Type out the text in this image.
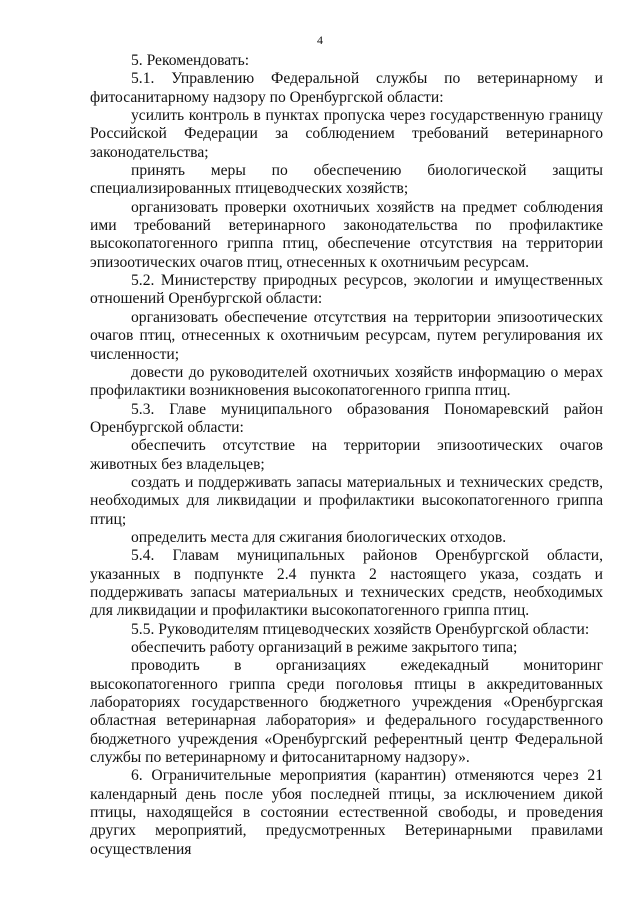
4

5. Рекомендовать:

5.1. Управлению Федеральной службы по ветеринарному и фитосанитарному надзору по Оренбургской области:

усилить контроль в пунктах пропуска через государственную границу Российской Федерации за соблюдением требований ветеринарного законодательства;

принять меры по обеспечению биологической защиты специализированных птицеводческих хозяйств;

организовать проверки охотничьих хозяйств на предмет соблюдения ими требований ветеринарного законодательства по профилактике высокопатогенного гриппа птиц, обеспечение отсутствия на территории эпизоотических очагов птиц, отнесенных к охотничьим ресурсам.

5.2. Министерству природных ресурсов, экологии и имущественных отношений Оренбургской области:

организовать обеспечение отсутствия на территории эпизоотических очагов птиц, отнесенных к охотничьим ресурсам, путем регулирования их численности;

довести до руководителей охотничьих хозяйств информацию о мерах профилактики возникновения высокопатогенного гриппа птиц.

5.3. Главе муниципального образования Пономаревский район Оренбургской области:

обеспечить отсутствие на территории эпизоотических очагов животных без владельцев;

создать и поддерживать запасы материальных и технических средств, необходимых для ликвидации и профилактики высокопатогенного гриппа птиц;

определить места для сжигания биологических отходов.

5.4. Главам муниципальных районов Оренбургской области, указанных в подпункте 2.4 пункта 2 настоящего указа, создать и поддерживать запасы материальных и технических средств, необходимых для ликвидации и профилактики высокопатогенного гриппа птиц.

5.5. Руководителям птицеводческих хозяйств Оренбургской области:

обеспечить работу организаций в режиме закрытого типа;

проводить в организациях ежедекадный мониторинг высокопатогенного гриппа среди поголовья птицы в аккредитованных лабораториях государственного бюджетного учреждения «Оренбургская областная ветеринарная лаборатория» и федерального государственного бюджетного учреждения «Оренбургский референтный центр Федеральной службы по ветеринарному и фитосанитарному надзору».

6. Ограничительные мероприятия (карантин) отменяются через 21 календарный день после убоя последней птицы, за исключением дикой птицы, находящейся в состоянии естественной свободы, и проведения других мероприятий, предусмотренных Ветеринарными правилами осуществления
